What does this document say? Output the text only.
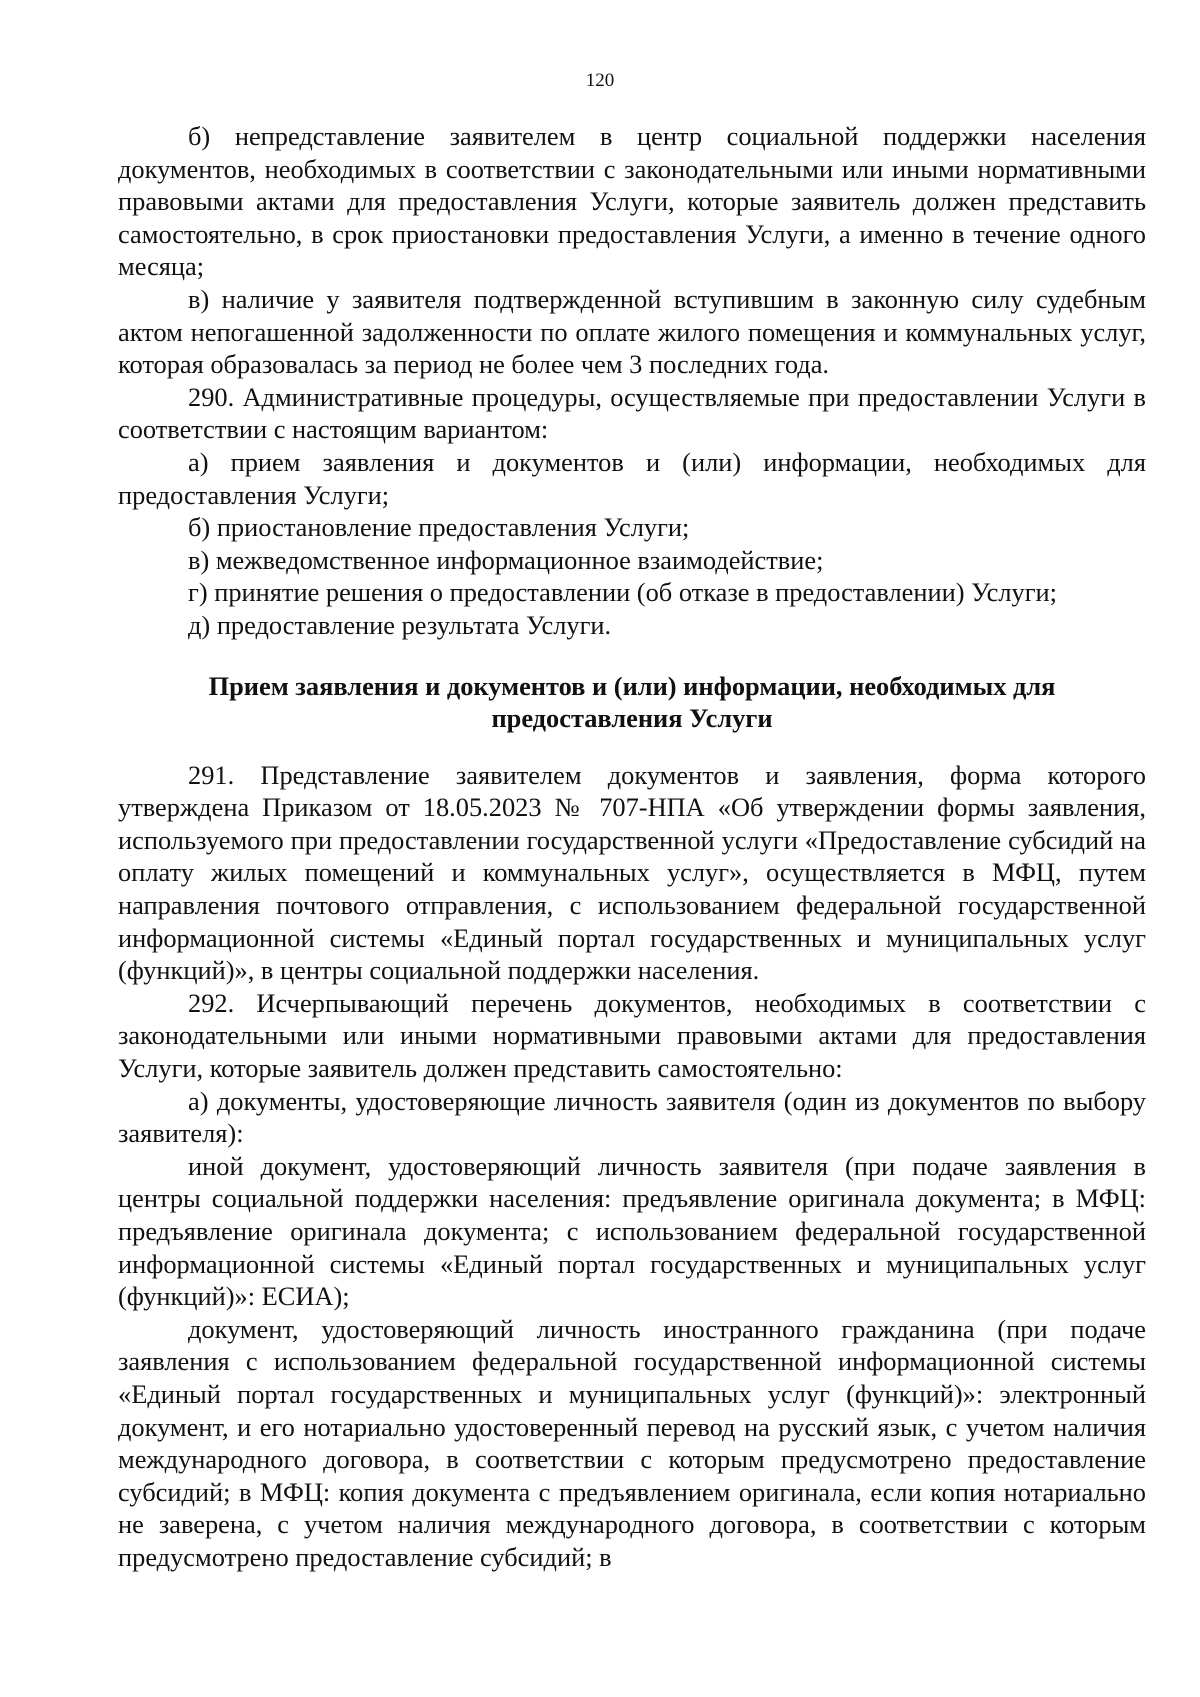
120

б) непредставление заявителем в центр социальной поддержки населения документов, необходимых в соответствии с законодательными или иными нормативными правовыми актами для предоставления Услуги, которые заявитель должен представить самостоятельно, в срок приостановки предоставления Услуги, а именно в течение одного месяца;

в) наличие у заявителя подтвержденной вступившим в законную силу судебным актом непогашенной задолженности по оплате жилого помещения и коммунальных услуг, которая образовалась за период не более чем 3 последних года.

290. Административные процедуры, осуществляемые при предоставлении Услуги в соответствии с настоящим вариантом:

а) прием заявления и документов и (или) информации, необходимых для предоставления Услуги;

б) приостановление предоставления Услуги;

в) межведомственное информационное взаимодействие;

г) принятие решения о предоставлении (об отказе в предоставлении) Услуги;

д) предоставление результата Услуги.

Прием заявления и документов и (или) информации, необходимых для
предоставления Услуги

291. Представление заявителем документов и заявления, форма которого утверждена Приказом от 18.05.2023 № 707-НПА «Об утверждении формы заявления, используемого при предоставлении государственной услуги «Предоставление субсидий на оплату жилых помещений и коммунальных услуг», осуществляется в МФЦ, путем направления почтового отправления, с использованием федеральной государственной информационной системы «Единый портал государственных и муниципальных услуг (функций)», в центры социальной поддержки населения.

292. Исчерпывающий перечень документов, необходимых в соответствии с законодательными или иными нормативными правовыми актами для предоставления Услуги, которые заявитель должен представить самостоятельно:

а) документы, удостоверяющие личность заявителя (один из документов по выбору заявителя):

иной документ, удостоверяющий личность заявителя (при подаче заявления в центры социальной поддержки населения: предъявление оригинала документа; в МФЦ: предъявление оригинала документа; с использованием федеральной государственной информационной системы «Единый портал государственных и муниципальных услуг (функций)»: ЕСИА);

документ, удостоверяющий личность иностранного гражданина (при подаче заявления с использованием федеральной государственной информационной системы «Единый портал государственных и муниципальных услуг (функций)»: электронный документ, и его нотариально удостоверенный перевод на русский язык, с учетом наличия международного договора, в соответствии с которым предусмотрено предоставление субсидий; в МФЦ: копия документа с предъявлением оригинала, если копия нотариально не заверена, с учетом наличия международного договора, в соответствии с которым предусмотрено предоставление субсидий; в
